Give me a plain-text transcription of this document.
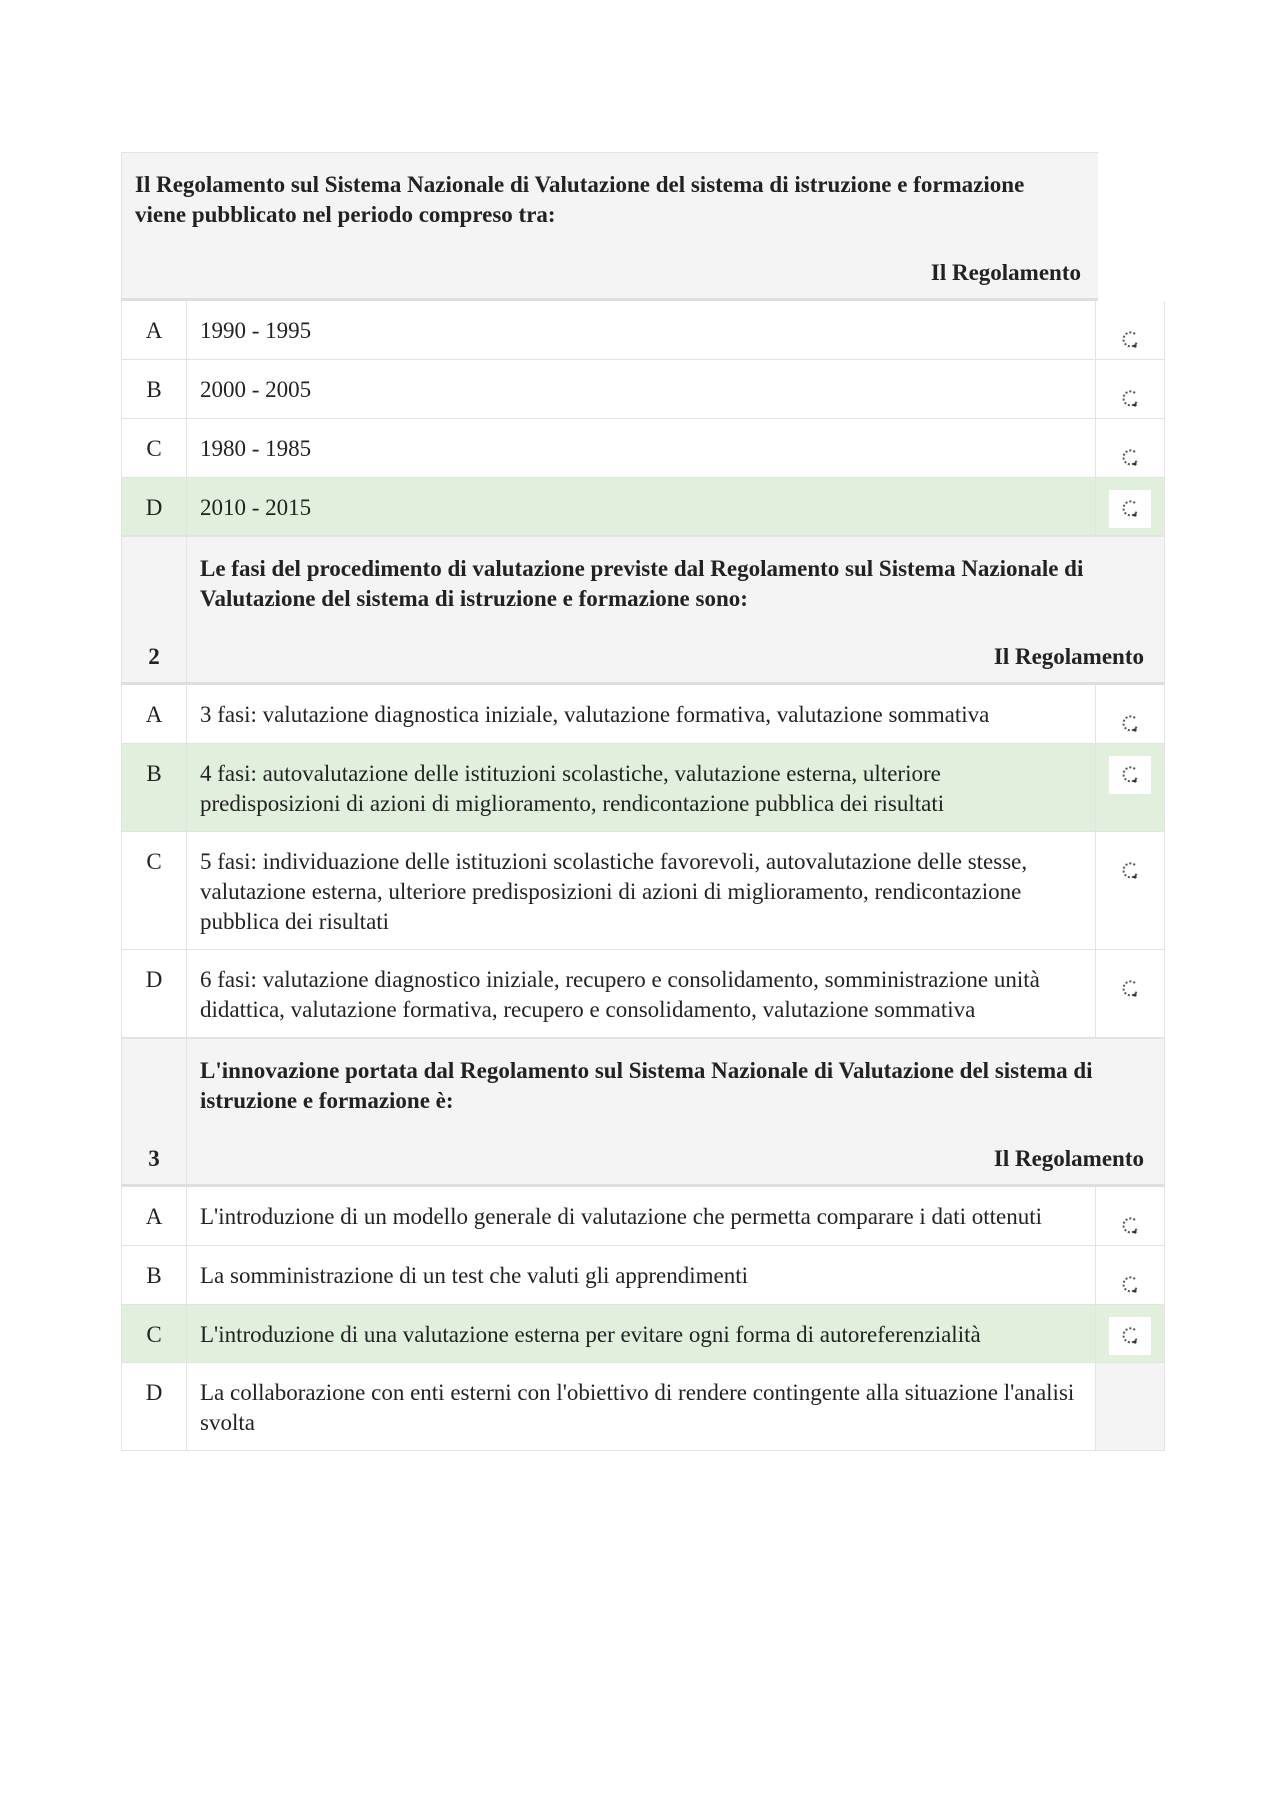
Il Regolamento sul Sistema Nazionale di Valutazione del sistema di istruzione e formazione viene pubblicato nel periodo compreso tra:

Il Regolamento
A	1990 - 1995
B	2000 - 2005
C	1980 - 1985
D	2010 - 2015
2
Le fasi del procedimento di valutazione previste dal Regolamento sul Sistema Nazionale di Valutazione del sistema di istruzione e formazione sono:
Il Regolamento
A	3 fasi: valutazione diagnostica iniziale, valutazione formativa, valutazione sommativa
B	4 fasi: autovalutazione delle istituzioni scolastiche, valutazione esterna, ulteriore predisposizioni di azioni di miglioramento, rendicontazione pubblica dei risultati
C	5 fasi: individuazione delle istituzioni scolastiche favorevoli, autovalutazione delle stesse, valutazione esterna, ulteriore predisposizioni di azioni di miglioramento, rendicontazione pubblica dei risultati
D	6 fasi: valutazione diagnostico iniziale, recupero e consolidamento, somministrazione unità didattica, valutazione formativa, recupero e consolidamento, valutazione sommativa
3
L'innovazione portata dal Regolamento sul Sistema Nazionale di Valutazione del sistema di istruzione e formazione è:
Il Regolamento
A	L'introduzione di un modello generale di valutazione che permetta comparare i dati ottenuti
B	La somministrazione di un test che valuti gli apprendimenti
C	L'introduzione di una valutazione esterna per evitare ogni forma di autoreferenzialità
D	La collaborazione con enti esterni con l'obiettivo di rendere contingente alla situazione l'analisi svolta
